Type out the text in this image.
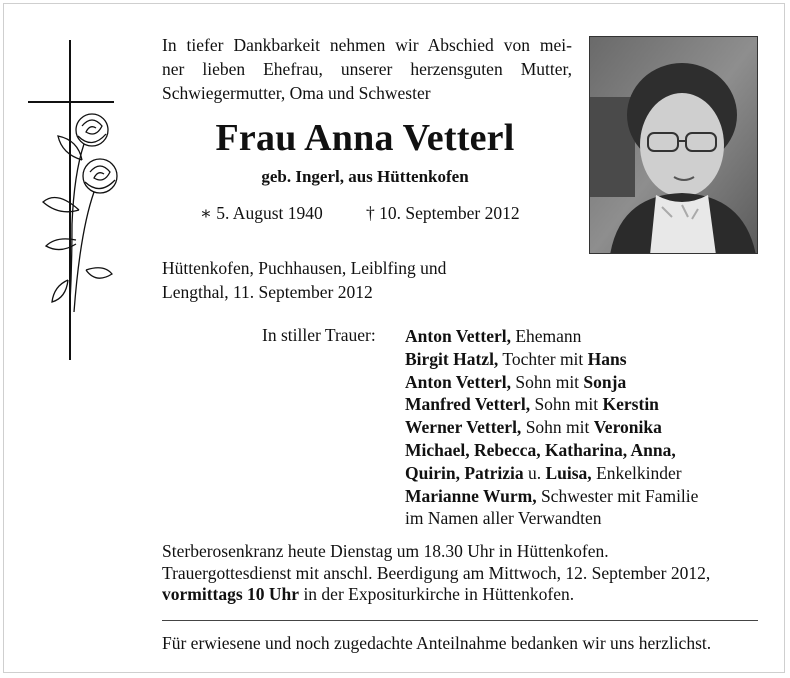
In tiefer Dankbarkeit nehmen wir Abschied von mei-
ner lieben Ehefrau, unserer herzensguten Mutter,
Schwiegermutter, Oma und Schwester
Frau Anna Vetterl
geb. Ingerl, aus Hüttenkofen
∗ 5. August 1940 † 10. September 2012
Hüttenkofen, Puchhausen, Leiblfing und
Lengthal, 11. September 2012
In stiller Trauer: Anton Vetterl, Ehemann
Birgit Hatzl, Tochter mit Hans
Anton Vetterl, Sohn mit Sonja
Manfred Vetterl, Sohn mit Kerstin
Werner Vetterl, Sohn mit Veronika
Michael, Rebecca, Katharina, Anna,
Quirin, Patrizia u. Luisa, Enkelkinder
Marianne Wurm, Schwester mit Familie
im Namen aller Verwandten
Sterberosenkranz heute Dienstag um 18.30 Uhr in Hüttenkofen.
Trauergottesdienst mit anschl. Beerdigung am Mittwoch, 12. September 2012,
vormittags 10 Uhr in der Expositurkirche in Hüttenkofen.
Für erwiesene und noch zugedachte Anteilnahme bedanken wir uns herzlichst.
